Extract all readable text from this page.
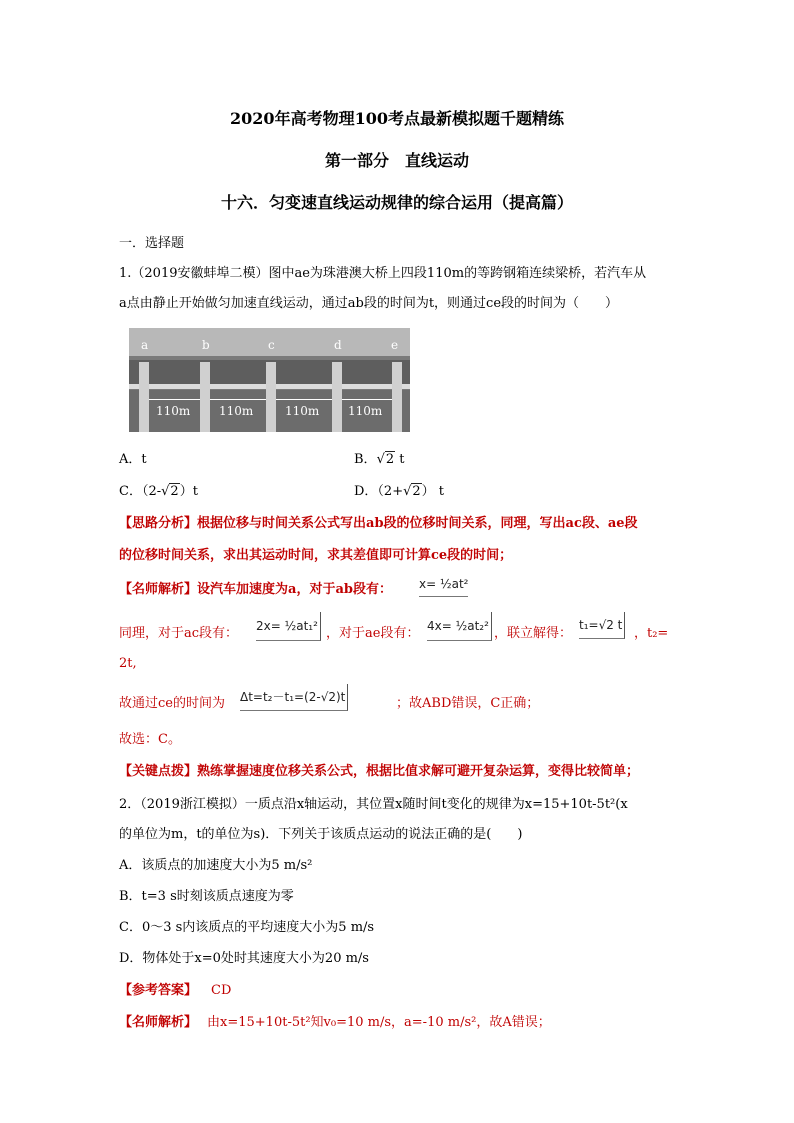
2020年高考物理100考点最新模拟题千题精练
第一部分　直线运动
十六．匀变速直线运动规律的综合运用（提高篇）
一．选择题
1.（2019安徽蚌埠二模）图中ae为珠港澳大桥上四段110m的等跨钢箱连续梁桥，若汽车从
a点由静止开始做匀加速直线运动，通过ab段的时间为t，则通过ce段的时间为（　　）
a	b	c	d	e
110m 110m	110m 110m
A．t	B．√2 t
C．（2-√2）t	D．（2+√2） t
【思路分析】根据位移与时间关系公式写出ab段的位移时间关系，同理，写出ac段、ae段
的位移时间关系，求出其运动时间，求其差值即可计算ce段的时间；
【名师解析】设汽车加速度为a，对于ab段有： x= ½at²
同理，对于ac段有： 2x= ½at₁² ，对于ae段有： 4x= ½at₂² ，联立解得：
t₁=√2 t
，t₂=
2t,
故通过ce的时间为 Δt=t₂－t₁=(2-√2)t	；故ABD错误，C正确；
故选：C。
【关键点拨】熟练掌握速度位移关系公式，根据比值求解可避开复杂运算，变得比较简单；
2．（2019浙江模拟）一质点沿x轴运动，其位置x随时间t变化的规律为x=15+10t-5t²(x
的单位为m，t的单位为s)．下列关于该质点运动的说法正确的是(　　)
A．该质点的加速度大小为5 m/s²
B．t=3 s时刻该质点速度为零
C．0～3 s内该质点的平均速度大小为5 m/s
D．物体处于x=0处时其速度大小为20 m/s
【参考答案】 CD
【名师解析】 由x=15+10t-5t²知v₀=10 m/s，a=-10 m/s²，故A错误；
